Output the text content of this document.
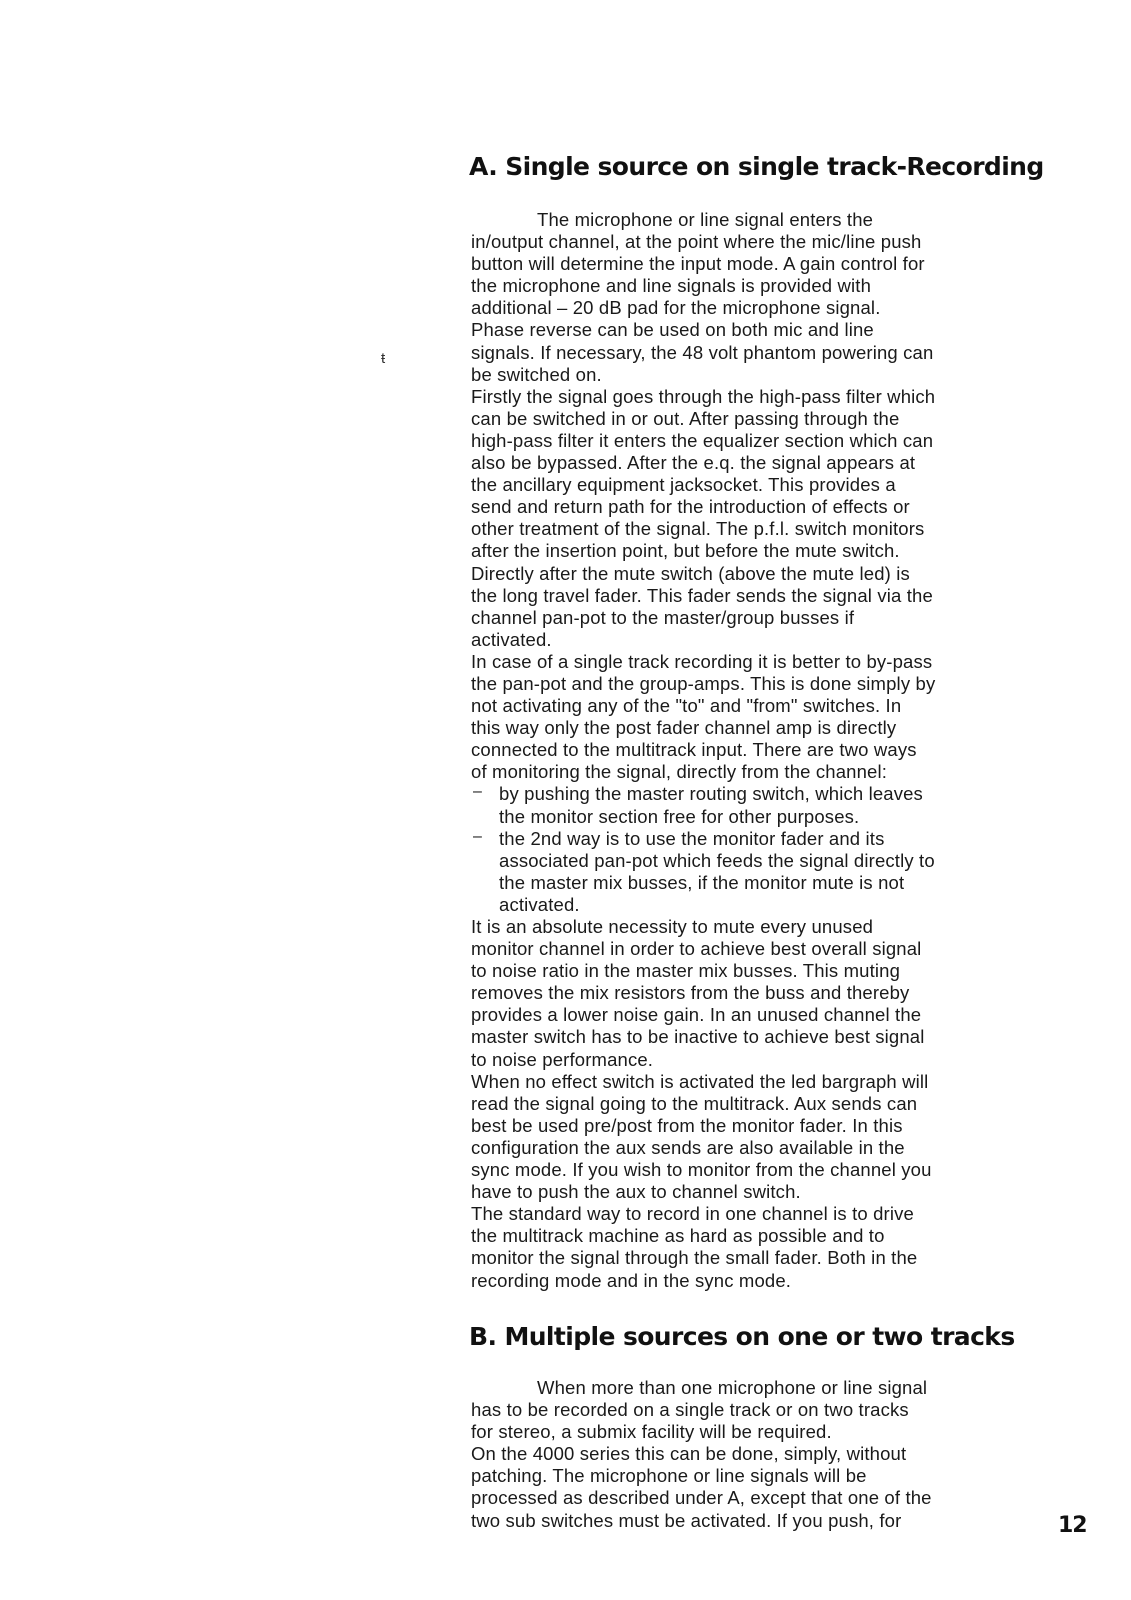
ŧ
A. Single source on single track-Recording

The microphone or line signal enters the

in/output channel, at the point where the mic/line push

button will determine the input mode. A gain control for

the microphone and line signals is provided with

additional – 20 dB pad for the microphone signal.

Phase reverse can be used on both mic and line

signals. If necessary, the 48 volt phantom powering can

be switched on.

Firstly the signal goes through the high-pass filter which

can be switched in or out. After passing through the

high-pass filter it enters the equalizer section which can

also be bypassed. After the e.q. the signal appears at

the ancillary equipment jacksocket. This provides a

send and return path for the introduction of effects or

other treatment of the signal. The p.f.l. switch monitors

after the insertion point, but before the mute switch.

Directly after the mute switch (above the mute led) is

the long travel fader. This fader sends the signal via the

channel pan-pot to the master/group busses if

activated.

In case of a single track recording it is better to by-pass

the pan-pot and the group-amps. This is done simply by

not activating any of the "to" and "from" switches. In

this way only the post fader channel amp is directly

connected to the multitrack input. There are two ways

of monitoring the signal, directly from the channel:

– by pushing the master routing switch, which leaves

the monitor section free for other purposes.

– the 2nd way is to use the monitor fader and its

associated pan-pot which feeds the signal directly to

the master mix busses, if the monitor mute is not

activated.

It is an absolute necessity to mute every unused

monitor channel in order to achieve best overall signal

to noise ratio in the master mix busses. This muting

removes the mix resistors from the buss and thereby

provides a lower noise gain. In an unused channel the

master switch has to be inactive to achieve best signal

to noise performance.

When no effect switch is activated the led bargraph will

read the signal going to the multitrack. Aux sends can

best be used pre/post from the monitor fader. In this

configuration the aux sends are also available in the

sync mode. If you wish to monitor from the channel you

have to push the aux to channel switch.

The standard way to record in one channel is to drive

the multitrack machine as hard as possible and to

monitor the signal through the small fader. Both in the

recording mode and in the sync mode.

B. Multiple sources on one or two tracks

When more than one microphone or line signal

has to be recorded on a single track or on two tracks

for stereo, a submix facility will be required.

On the 4000 series this can be done, simply, without

patching. The microphone or line signals will be

processed as described under A, except that one of the

two sub switches must be activated. If you push, for	12
